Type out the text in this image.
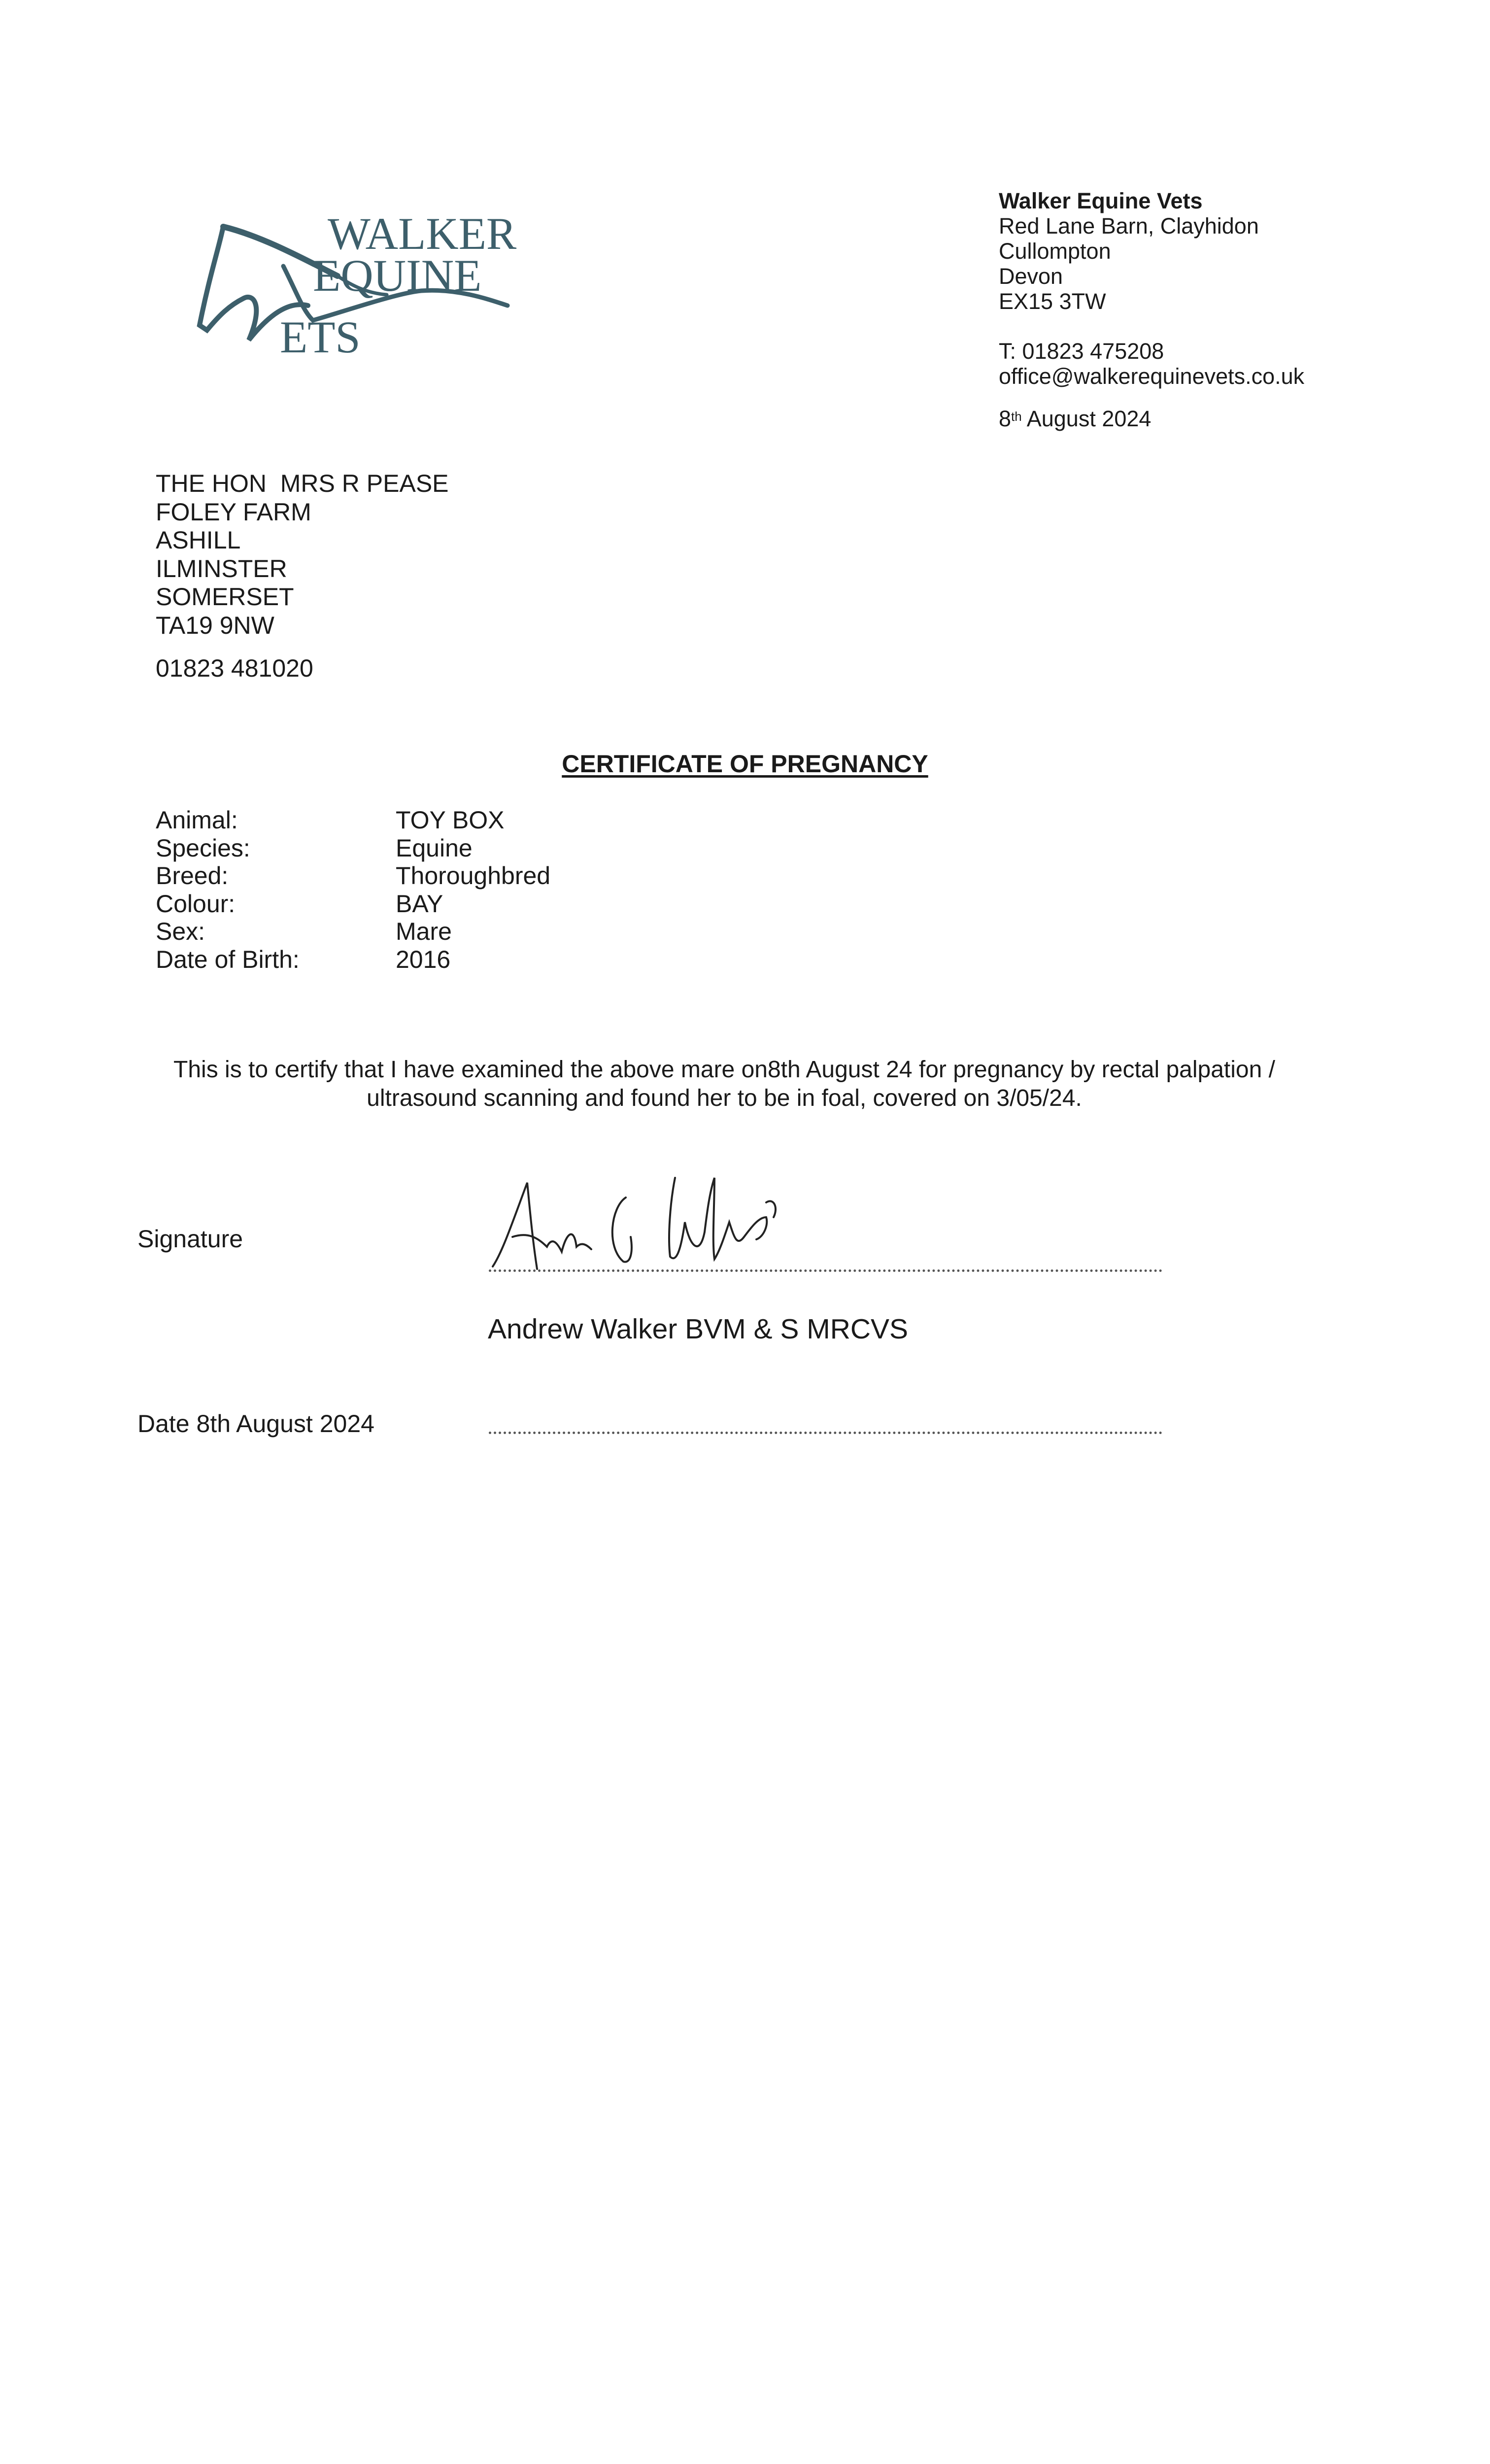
WALKER
EQUINE
ETS
Walker Equine Vets
Red Lane Barn, Clayhidon
Cullompton
Devon
EX15 3TW
T: 01823 475208
office@walkerequinevets.co.uk
8th August 2024
THE HON  MRS R PEASE
FOLEY FARM
ASHILL
ILMINSTER
SOMERSET
TA19 9NW
01823 481020
CERTIFICATE OF PREGNANCY
Animal:	TOY BOX
Species:	Equine
Breed:	Thoroughbred
Colour:	BAY
Sex:	Mare
Date of Birth:	2016
This is to certify that I have examined the above mare on8th August 24 for pregnancy by rectal palpation /
ultrasound scanning and found her to be in foal, covered on 3/05/24.
Signature
Andrew Walker BVM & S MRCVS
Date 8th August 2024
